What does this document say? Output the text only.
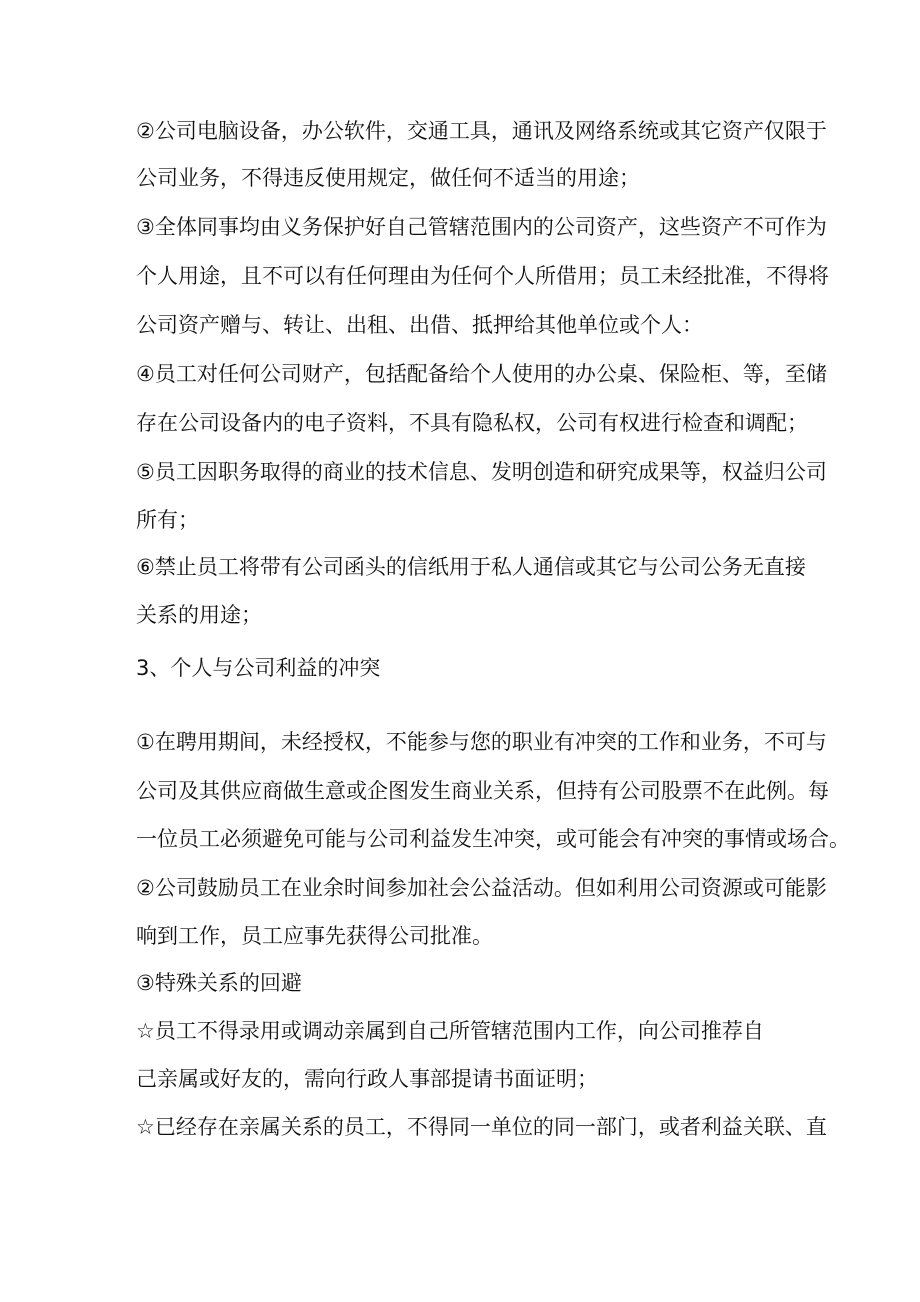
②公司电脑设备，办公软件，交通工具，通讯及网络系统或其它资产仅限于
公司业务，不得违反使用规定，做任何不适当的用途；
③全体同事均由义务保护好自己管辖范围内的公司资产，这些资产不可作为
个人用途，且不可以有任何理由为任何个人所借用；员工未经批准，不得将
公司资产赠与、转让、出租、出借、抵押给其他单位或个人：
④员工对任何公司财产，包括配备给个人使用的办公桌、保险柜、等，至储
存在公司设备内的电子资料，不具有隐私权，公司有权进行检查和调配；
⑤员工因职务取得的商业的技术信息、发明创造和研究成果等，权益归公司
所有；
⑥禁止员工将带有公司函头的信纸用于私人通信或其它与公司公务无直接
关系的用途；
3、个人与公司利益的冲突
①在聘用期间，未经授权，不能参与您的职业有冲突的工作和业务，不可与
公司及其供应商做生意或企图发生商业关系，但持有公司股票不在此例。每
一位员工必须避免可能与公司利益发生冲突，或可能会有冲突的事情或场合。
②公司鼓励员工在业余时间参加社会公益活动。但如利用公司资源或可能影
响到工作，员工应事先获得公司批准。
③特殊关系的回避
☆员工不得录用或调动亲属到自己所管辖范围内工作，向公司推荐自
己亲属或好友的，需向行政人事部提请书面证明；
☆已经存在亲属关系的员工，不得同一单位的同一部门，或者利益关联、直
